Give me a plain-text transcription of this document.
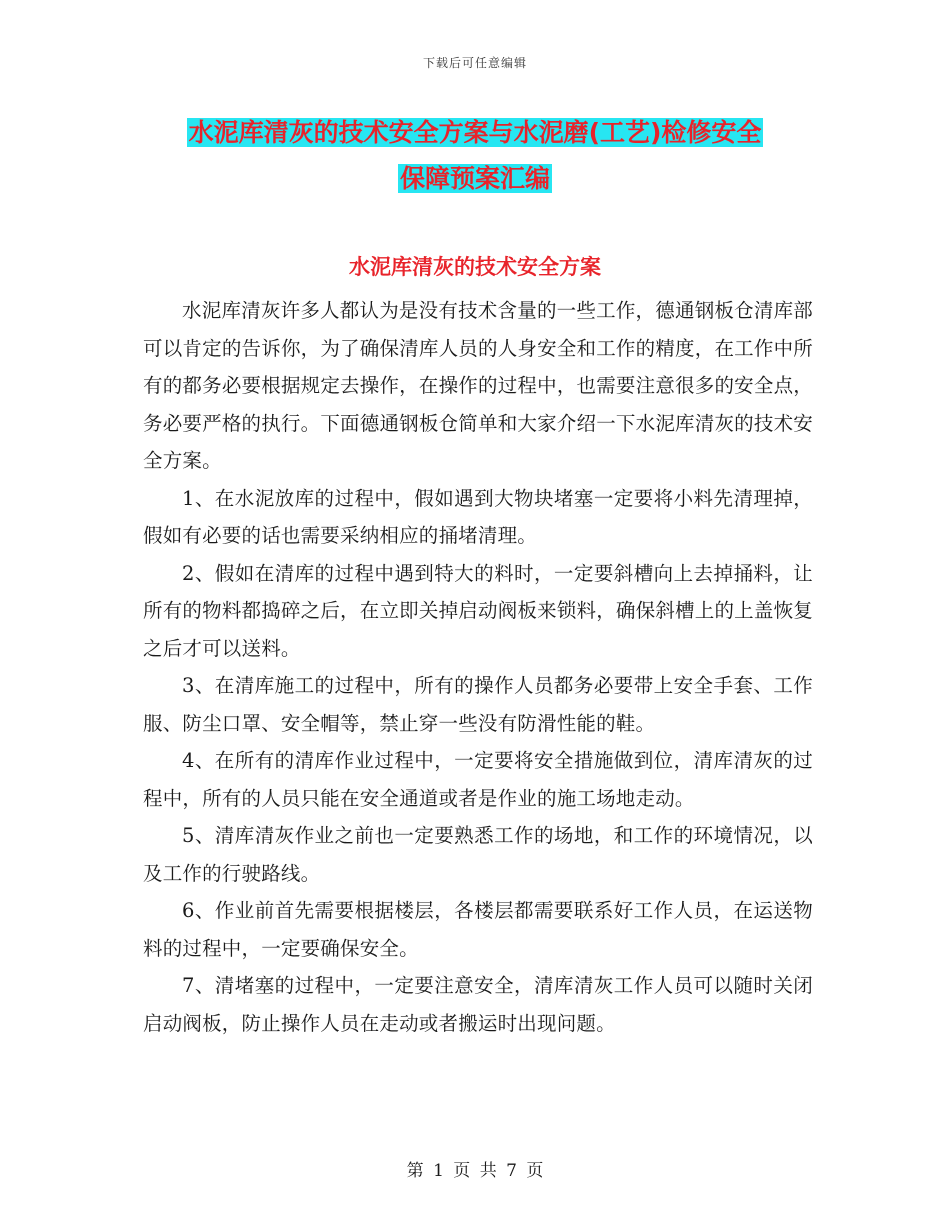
下载后可任意编辑
水泥库清灰的技术安全方案与水泥磨(工艺)检修安全
保障预案汇编
水泥库清灰的技术安全方案

水泥库清灰许多人都认为是没有技术含量的一些工作，德通钢板仓清库部可以肯定的告诉你，为了确保清库人员的人身安全和工作的精度，在工作中所有的都务必要根据规定去操作，在操作的过程中，也需要注意很多的安全点，务必要严格的执行。下面德通钢板仓简单和大家介绍一下水泥库清灰的技术安全方案。

1、在水泥放库的过程中，假如遇到大物块堵塞一定要将小料先清理掉，假如有必要的话也需要采纳相应的捅堵清理。

2、假如在清库的过程中遇到特大的料时，一定要斜槽向上去掉捅料，让所有的物料都捣碎之后，在立即关掉启动阀板来锁料，确保斜槽上的上盖恢复之后才可以送料。

3、在清库施工的过程中，所有的操作人员都务必要带上安全手套、工作服、防尘口罩、安全帽等，禁止穿一些没有防滑性能的鞋。

4、在所有的清库作业过程中，一定要将安全措施做到位，清库清灰的过程中，所有的人员只能在安全通道或者是作业的施工场地走动。

5、清库清灰作业之前也一定要熟悉工作的场地，和工作的环境情况，以及工作的行驶路线。

6、作业前首先需要根据楼层，各楼层都需要联系好工作人员，在运送物料的过程中，一定要确保安全。

7、清堵塞的过程中，一定要注意安全，清库清灰工作人员可以随时关闭启动阀板，防止操作人员在走动或者搬运时出现问题。

第 1 页 共 7 页
